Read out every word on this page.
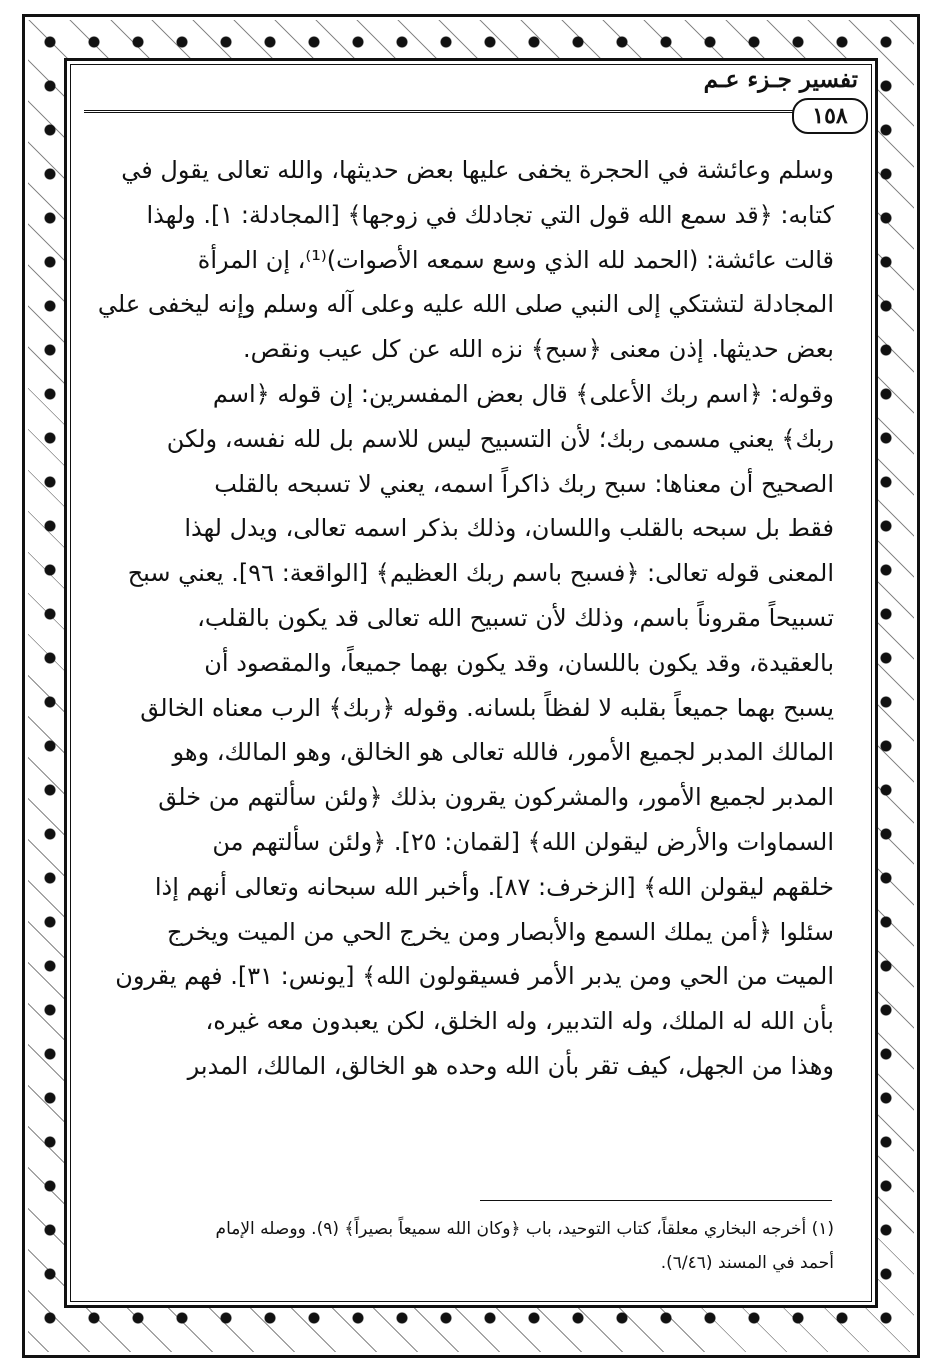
تفسير جـزء عـم
١٥٨
وسلم وعائشة في الحجرة يخفى عليها بعض حديثها، والله تعالى يقول في
كتابه: ﴿قد سمع الله قول التي تجادلك في زوجها﴾ [المجادلة: ١]. ولهذا
قالت عائشة: (الحمد لله الذي وسع سمعه الأصوات)⁽¹⁾، إن المرأة
المجادلة لتشتكي إلى النبي صلى الله عليه وعلى آله وسلم وإنه ليخفى علي
بعض حديثها. إذن معنى ﴿سبح﴾ نزه الله عن كل عيب ونقص.
وقوله: ﴿اسم ربك الأعلى﴾ قال بعض المفسرين: إن قوله ﴿اسم
ربك﴾ يعني مسمى ربك؛ لأن التسبيح ليس للاسم بل لله نفسه، ولكن
الصحيح أن معناها: سبح ربك ذاكراً اسمه، يعني لا تسبحه بالقلب
فقط بل سبحه بالقلب واللسان، وذلك بذكر اسمه تعالى، ويدل لهذا
المعنى قوله تعالى: ﴿فسبح باسم ربك العظيم﴾ [الواقعة: ٩٦]. يعني سبح
تسبيحاً مقروناً باسم، وذلك لأن تسبيح الله تعالى قد يكون بالقلب،
بالعقيدة، وقد يكون باللسان، وقد يكون بهما جميعاً، والمقصود أن
يسبح بهما جميعاً بقلبه لا لفظاً بلسانه. وقوله ﴿ربك﴾ الرب معناه الخالق
المالك المدبر لجميع الأمور، فالله تعالى هو الخالق، وهو المالك، وهو
المدبر لجميع الأمور، والمشركون يقرون بذلك ﴿ولئن سألتهم من خلق
السماوات والأرض ليقولن الله﴾ [لقمان: ٢٥]. ﴿ولئن سألتهم من
خلقهم ليقولن الله﴾ [الزخرف: ٨٧]. وأخبر الله سبحانه وتعالى أنهم إذا
سئلوا ﴿أمن يملك السمع والأبصار ومن يخرج الحي من الميت ويخرج
الميت من الحي ومن يدبر الأمر فسيقولون الله﴾ [يونس: ٣١]. فهم يقرون
بأن الله له الملك، وله التدبير، وله الخلق، لكن يعبدون معه غيره،
وهذا من الجهل، كيف تقر بأن الله وحده هو الخالق، المالك، المدبر
(١) أخرجه البخاري معلقاً، كتاب التوحيد، باب ﴿وكان الله سميعاً بصيراً﴾ (٩). ووصله الإمام
أحمد في المسند (٦/٤٦).
